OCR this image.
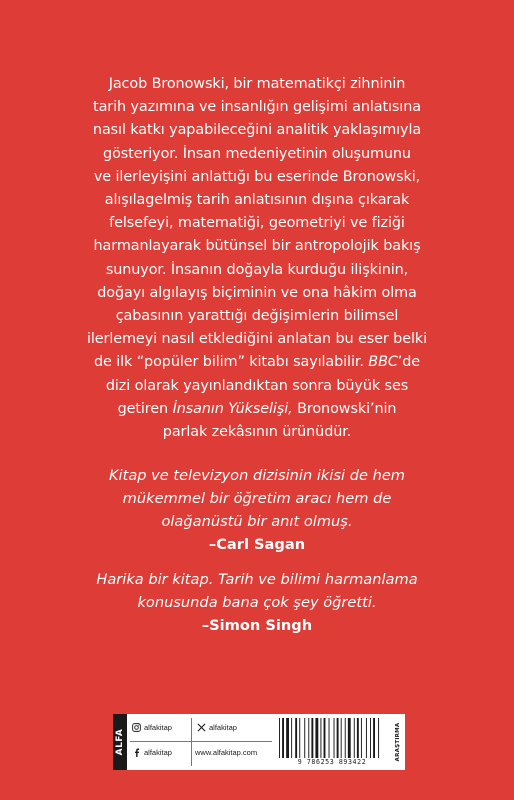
Jacob Bronowski, bir matematikçi zihninin

tarih yazımına ve insanlığın gelişimi anlatısına

nasıl katkı yapabileceğini analitik yaklaşımıyla

gösteriyor. İnsan medeniyetinin oluşumunu

ve ilerleyişini anlattığı bu eserinde Bronowski,

alışılagelmiş tarih anlatısının dışına çıkarak

felsefeyi, matematiği, geometriyi ve fiziği

harmanlayarak bütünsel bir antropolojik bakış

sunuyor. İnsanın doğayla kurduğu ilişkinin,

doğayı algılayış biçiminin ve ona hâkim olma

çabasının yarattığı değişimlerin bilimsel

ilerlemeyi nasıl etklediğini anlatan bu eser belki

de ilk “popüler bilim” kitabı sayılabilir. BBC’de

dizi olarak yayınlandıktan sonra büyük ses

getiren İnsanın Yükselişi, Bronowski’nin

parlak zekâsının ürünüdür.

Kitap ve televizyon dizisinin ikisi de hem
mükemmel bir öğretim aracı hem de
olağanüstü bir anıt olmuş.
–Carl Sagan
Harika bir kitap. Tarih ve bilimi harmanlama
konusunda bana çok şey öğretti.
–Simon Singh
ALFA
alfakitap	alfakitap
alfakitap	www.alfakitap.com
9 786253 893422
ARAŞTIRMA
